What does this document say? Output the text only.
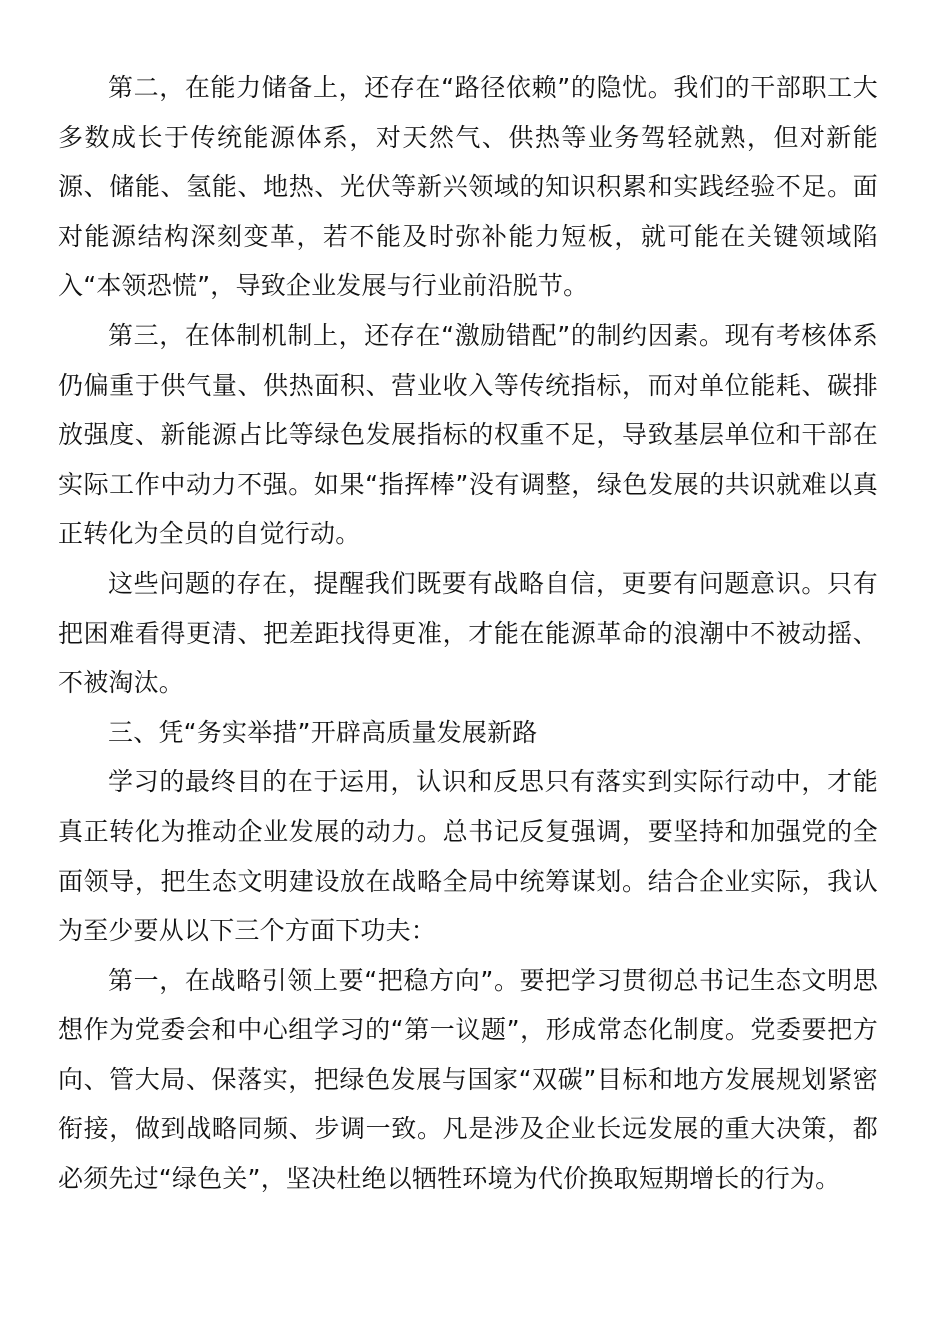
第二，在能力储备上，还存在“路径依赖”的隐忧。我们的干部职工大多数成长于传统能源体系，对天然气、供热等业务驾轻就熟，但对新能源、储能、氢能、地热、光伏等新兴领域的知识积累和实践经验不足。面对能源结构深刻变革，若不能及时弥补能力短板，就可能在关键领域陷入“本领恐慌”，导致企业发展与行业前沿脱节。

第三，在体制机制上，还存在“激励错配”的制约因素。现有考核体系仍偏重于供气量、供热面积、营业收入等传统指标，而对单位能耗、碳排放强度、新能源占比等绿色发展指标的权重不足，导致基层单位和干部在实际工作中动力不强。如果“指挥棒”没有调整，绿色发展的共识就难以真正转化为全员的自觉行动。

这些问题的存在，提醒我们既要有战略自信，更要有问题意识。只有把困难看得更清、把差距找得更准，才能在能源革命的浪潮中不被动摇、不被淘汰。

三、凭“务实举措”开辟高质量发展新路

学习的最终目的在于运用，认识和反思只有落实到实际行动中，才能真正转化为推动企业发展的动力。总书记反复强调，要坚持和加强党的全面领导，把生态文明建设放在战略全局中统筹谋划。结合企业实际，我认为至少要从以下三个方面下功夫：

第一，在战略引领上要“把稳方向”。要把学习贯彻总书记生态文明思想作为党委会和中心组学习的“第一议题”，形成常态化制度。党委要把方向、管大局、保落实，把绿色发展与国家“双碳”目标和地方发展规划紧密衔接，做到战略同频、步调一致。凡是涉及企业长远发展的重大决策，都必须先过“绿色关”，坚决杜绝以牺牲环境为代价换取短期增长的行为。
